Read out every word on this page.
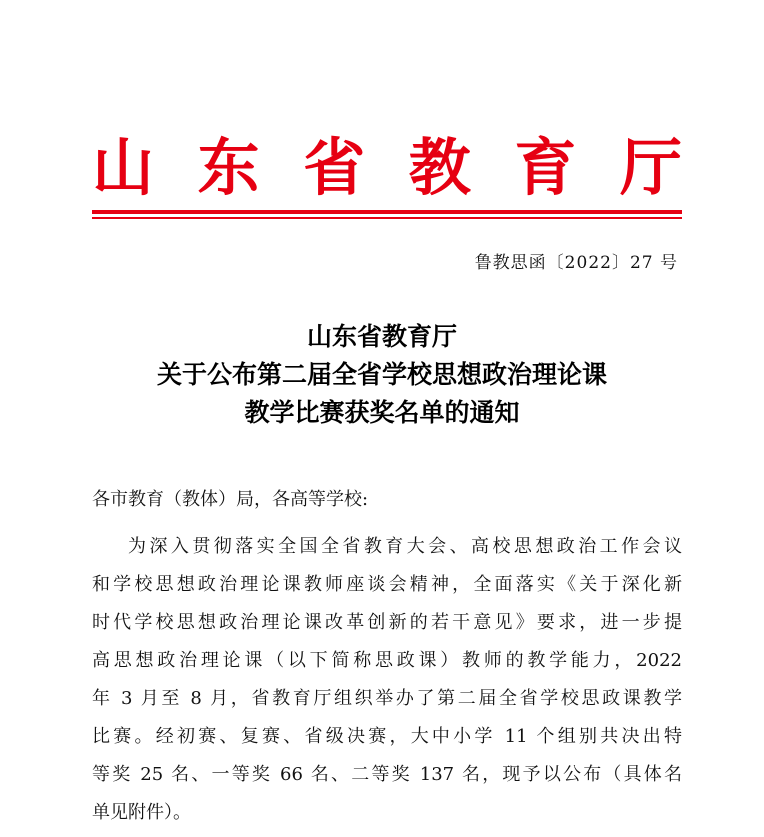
山 东 省 教 育 厅
鲁教思函〔2022〕27 号
山东省教育厅
关于公布第二届全省学校思想政治理论课
教学比赛获奖名单的通知
各市教育（教体）局，各高等学校:
为深入贯彻落实全国全省教育大会、高校思想政治工作会议
和学校思想政治理论课教师座谈会精神，全面落实《关于深化新
时代学校思想政治理论课改革创新的若干意见》要求，进一步提
高思想政治理论课（以下简称思政课）教师的教学能力，2022
年 3 月至 8 月，省教育厅组织举办了第二届全省学校思政课教学
比赛。经初赛、复赛、省级决赛，大中小学 11 个组别共决出特
等奖 25 名、一等奖 66 名、二等奖 137 名，现予以公布（具体名
单见附件）。
